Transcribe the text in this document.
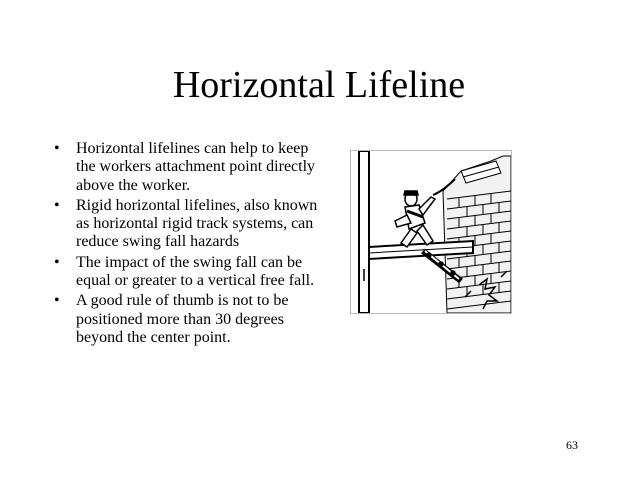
Horizontal Lifeline
• Horizontal lifelines can help to keep the workers attachment point directly above the worker.
• Rigid horizontal lifelines, also known as horizontal rigid track systems, can reduce swing fall hazards
• The impact of the swing fall can be equal or greater to a vertical free fall.
• A good rule of thumb is not to be positioned more than 30 degrees beyond the center point.
63
